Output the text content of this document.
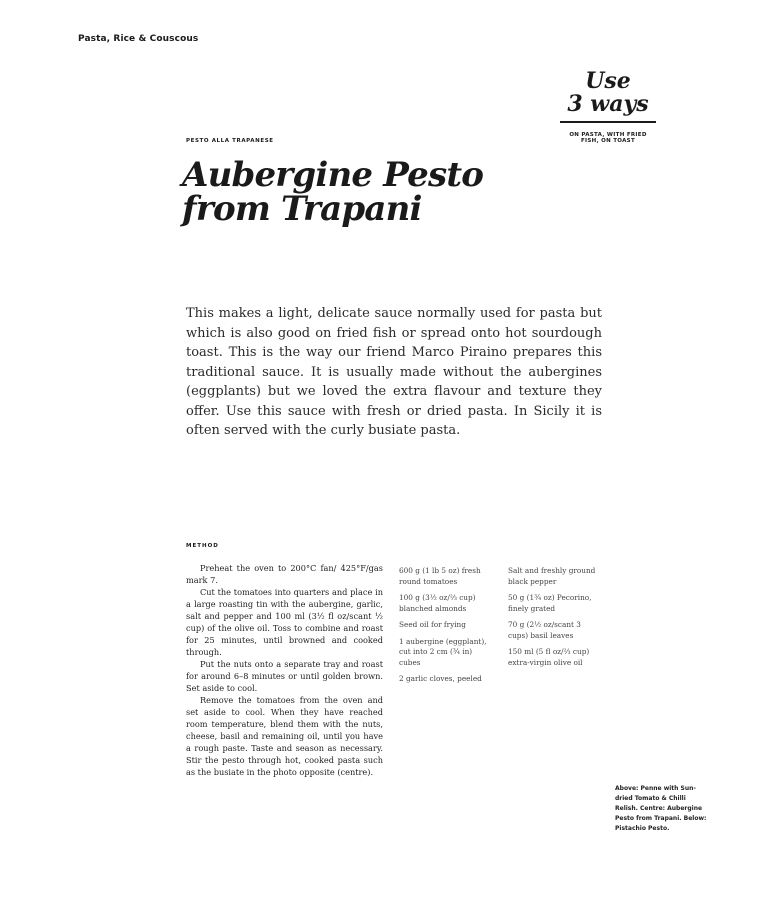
Pasta, Rice & Couscous
PESTO ALLA TRAPANESE
Aubergine Pesto
from Trapani
Use
3 ways
ON PASTA, WITH FRIED FISH, ON TOAST

This makes a light, delicate sauce normally used for pasta but which is also good on fried fish or spread onto hot sourdough toast. This is the way our friend Marco Piraino prepares this traditional sauce. It is usually made without the aubergines (eggplants) but we loved the extra flavour and texture they offer. Use this sauce with fresh or dried pasta. In Sicily it is often served with the curly busiate pasta.

METHOD

Preheat the oven to 200°C fan/ 425°F/gas mark 7.

Cut the tomatoes into quarters and place in a large roasting tin with the aubergine, garlic, salt and pepper and 100 ml (3½ fl oz/scant ½ cup) of the olive oil. Toss to combine and roast for 25 minutes, until browned and cooked through.

Put the nuts onto a separate tray and roast for around 6–8 minutes or until golden brown. Set aside to cool.

Remove the tomatoes from the oven and set aside to cool. When they have reached room temperature, blend them with the nuts, cheese, basil and remaining oil, until you have a rough paste. Taste and season as necessary. Stir the pesto through hot, cooked pasta such as the busiate in the photo opposite (centre).

600 g (1 lb 5 oz) fresh round tomatoes

100 g (3½ oz/⅔ cup) blanched almonds

Seed oil for frying

1 aubergine (eggplant), cut into 2 cm (¾ in) cubes

2 garlic cloves, peeled

Salt and freshly ground black pepper

50 g (1¾ oz) Pecorino, finely grated

70 g (2½ oz/scant 3 cups) basil leaves

150 ml (5 fl oz/⅔ cup) extra-virgin olive oil

Above: Penne with Sun-dried Tomato & Chilli Relish. Centre: Aubergine Pesto from Trapani. Below: Pistachio Pesto.
